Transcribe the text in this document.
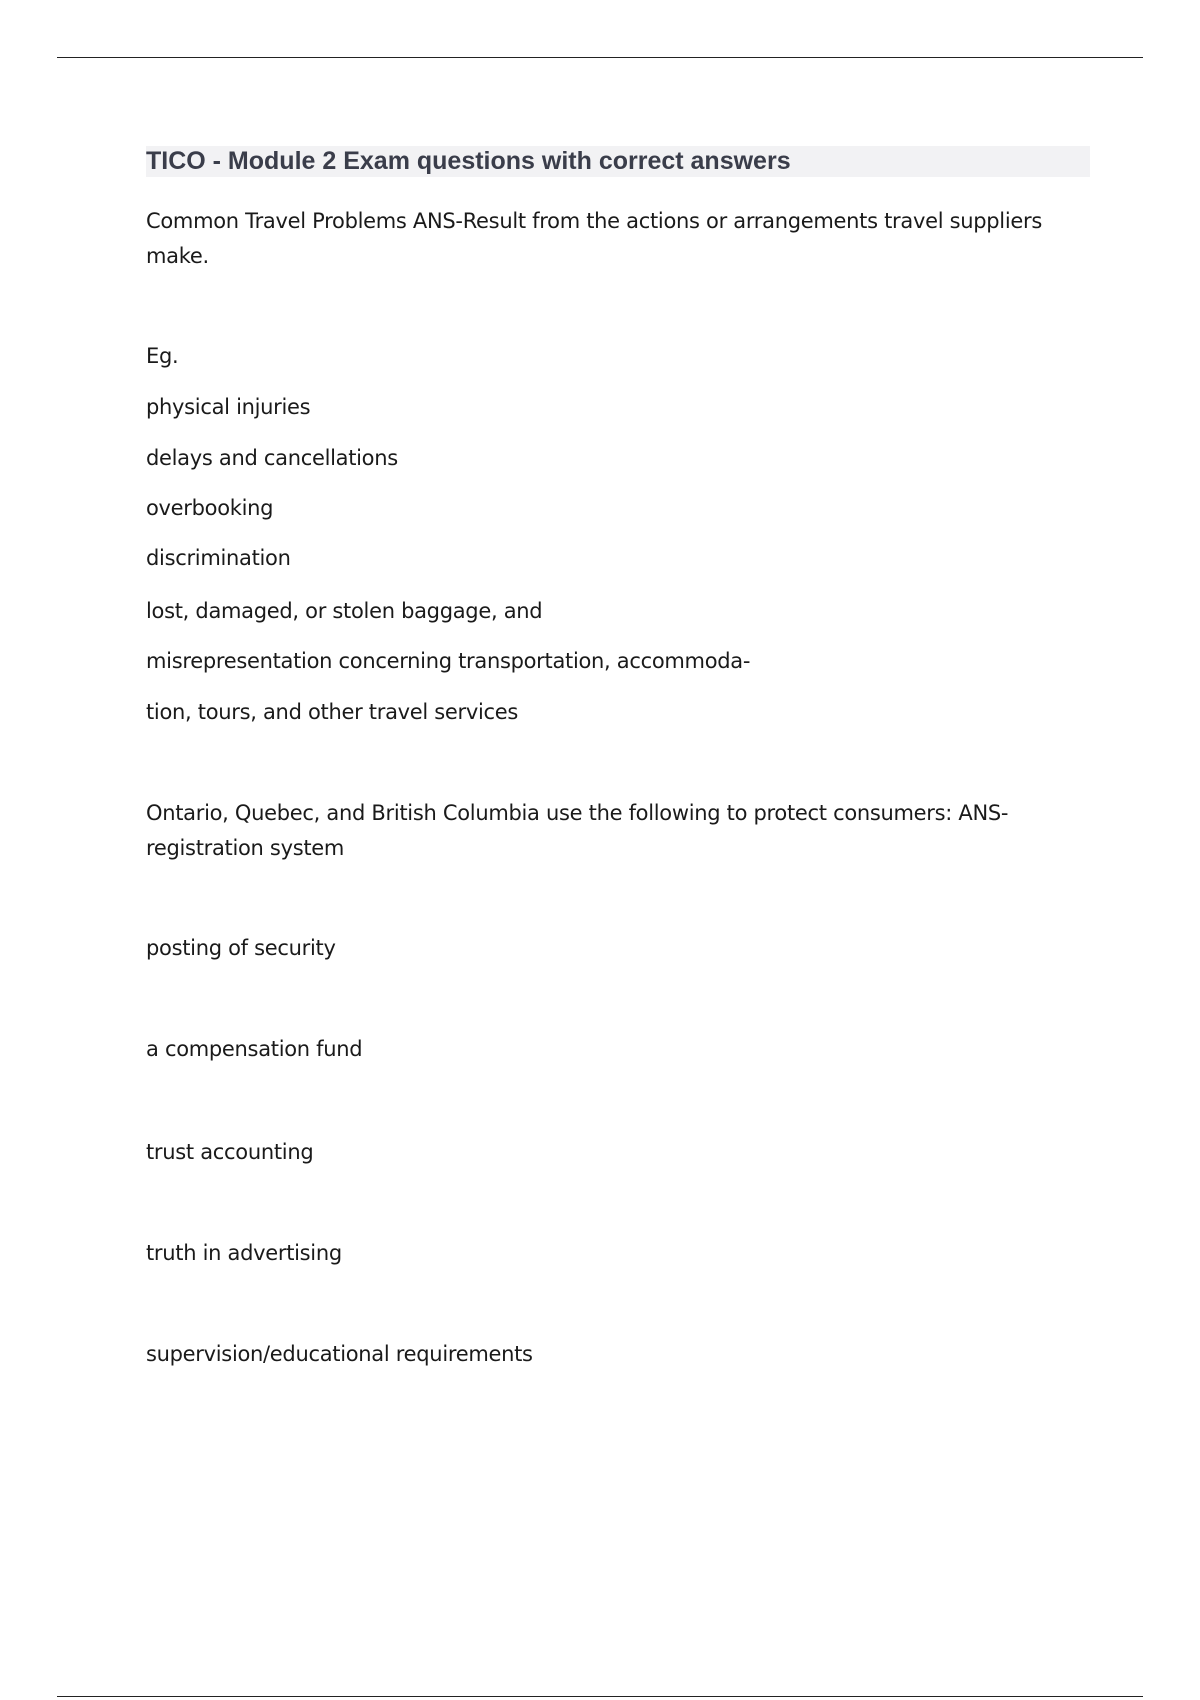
TICO - Module 2 Exam questions with correct answers
Common Travel Problems ANS-Result from the actions or arrangements travel suppliers
make.
Eg.
physical injuries
delays and cancellations
overbooking
discrimination
lost, damaged, or stolen baggage, and
misrepresentation concerning transportation, accommoda-
tion, tours, and other travel services
Ontario, Quebec, and British Columbia use the following to protect consumers: ANS-
registration system
posting of security
a compensation fund
trust accounting
truth in advertising
supervision/educational requirements
